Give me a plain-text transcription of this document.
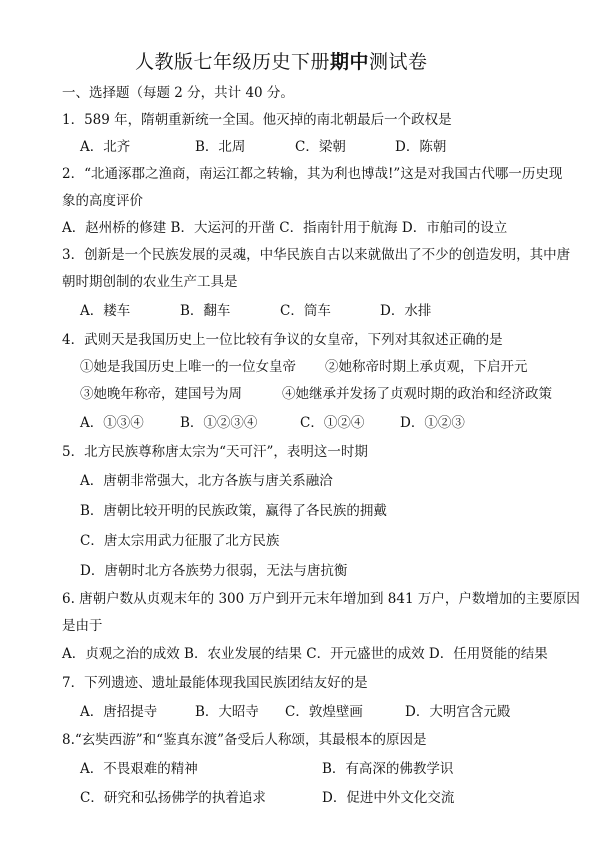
人教版七年级历史下册期中测试卷
一、选择题（每题 2 分，共计 40 分。
1．589 年，隋朝重新统一全国。他灭掉的南北朝最后一个政权是
A．北齐	B．北周	C．梁朝	D．陈朝
2．“北通涿郡之渔商，南运江都之转输，其为利也博哉!”这是对我国古代哪一历史现
象的高度评价
A．赵州桥的修建 B．大运河的开凿 C．指南针用于航海 D．市舶司的设立
3．创新是一个民族发展的灵魂，中华民族自古以来就做出了不少的创造发明，其中唐
朝时期创制的农业生产工具是
A．耧车	B．翻车	C．筒车	D．水排
4．武则天是我国历史上一位比较有争议的女皇帝，下列对其叙述正确的是
①她是我国历史上唯一的一位女皇帝 ②她称帝时期上承贞观，下启开元
③她晚年称帝，建国号为周	④她继承并发扬了贞观时期的政治和经济政策
A．①③④	B．①②③④	C．①②④	D．①②③
5．北方民族尊称唐太宗为“天可汗”，表明这一时期
A．唐朝非常强大，北方各族与唐关系融洽
B．唐朝比较开明的民族政策，赢得了各民族的拥戴
C．唐太宗用武力征服了北方民族
D．唐朝时北方各族势力很弱，无法与唐抗衡
6. 唐朝户数从贞观末年的 300 万户到开元末年增加到 841 万户，户数增加的主要原因
是由于
A．贞观之治的成效 B．农业发展的结果 C．开元盛世的成效 D．任用贤能的结果
7．下列遗迹、遗址最能体现我国民族团结友好的是
A．唐招提寺	B．大昭寺 C．敦煌壁画	D．大明宫含元殿
8.“玄奘西游”和“鉴真东渡”备受后人称颂，其最根本的原因是
A．不畏艰难的精神	B．有高深的佛教学识
C．研究和弘扬佛学的执着追求	D．促进中外文化交流
